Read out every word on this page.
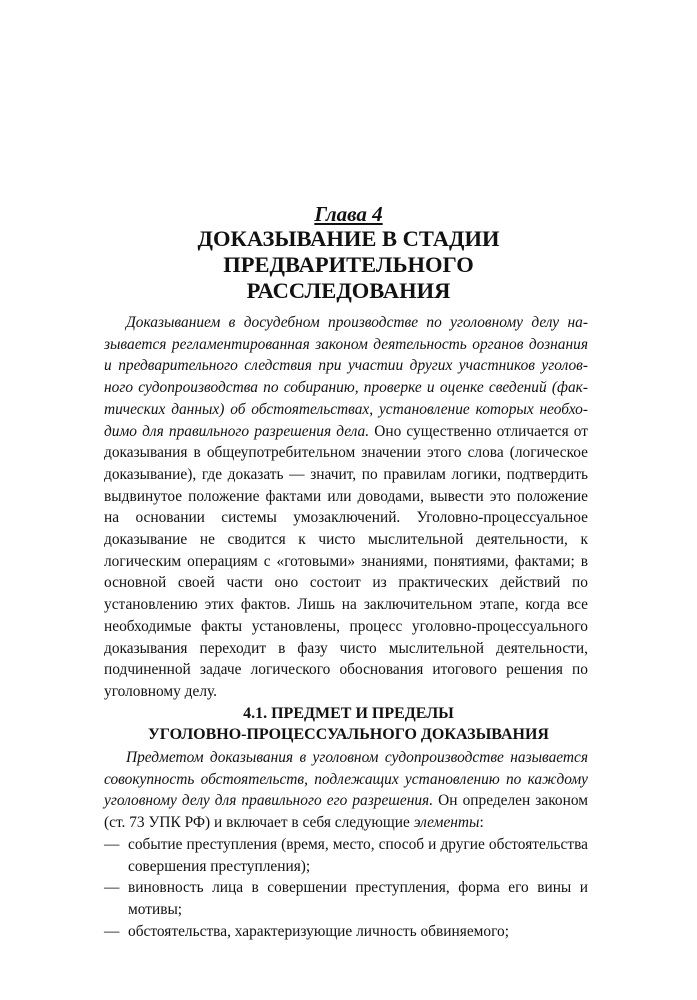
Глава 4
ДОКАЗЫВАНИЕ В СТАДИИ
ПРЕДВАРИТЕЛЬНОГО
РАССЛЕДОВАНИЯ

Доказыванием в досудебном производстве по уголовному делу называется регламентированная законом деятельность органов дознания и предварительного следствия при участии других участников уголовного судопроизводства по собиранию, проверке и оценке сведений (фактических данных) об обстоятельствах, установление которых необходимо для правильного разрешения дела. Оно существенно отличается от доказывания в общеупотребительном значении этого слова (логическое доказывание), где доказать — значит, по правилам логики, подтвердить выдвинутое положение фактами или доводами, вывести это положение на основании системы умозаключений. Уголовно-процессуальное доказывание не сводится к чисто мыслительной деятельности, к логическим операциям с «готовыми» знаниями, понятиями, фактами; в основной своей части оно состоит из практических действий по установлению этих фактов. Лишь на заключительном этапе, когда все необходимые факты установлены, процесс уголовно-процессуального доказывания переходит в фазу чисто мыслительной деятельности, подчиненной задаче логического обоснования итогового решения по уголовному делу.

4.1. ПРЕДМЕТ И ПРЕДЕЛЫ
УГОЛОВНО-ПРОЦЕССУАЛЬНОГО ДОКАЗЫВАНИЯ

Предметом доказывания в уголовном судопроизводстве называется совокупность обстоятельств, подлежащих установлению по каждому уголовному делу для правильного его разрешения. Он определен законом (ст. 73 УПК РФ) и включает в себя следующие элементы:

— событие преступления (время, место, способ и другие обстоятельства совершения преступления);
— виновность лица в совершении преступления, форма его вины и мотивы;
— обстоятельства, характеризующие личность обвиняемого;
